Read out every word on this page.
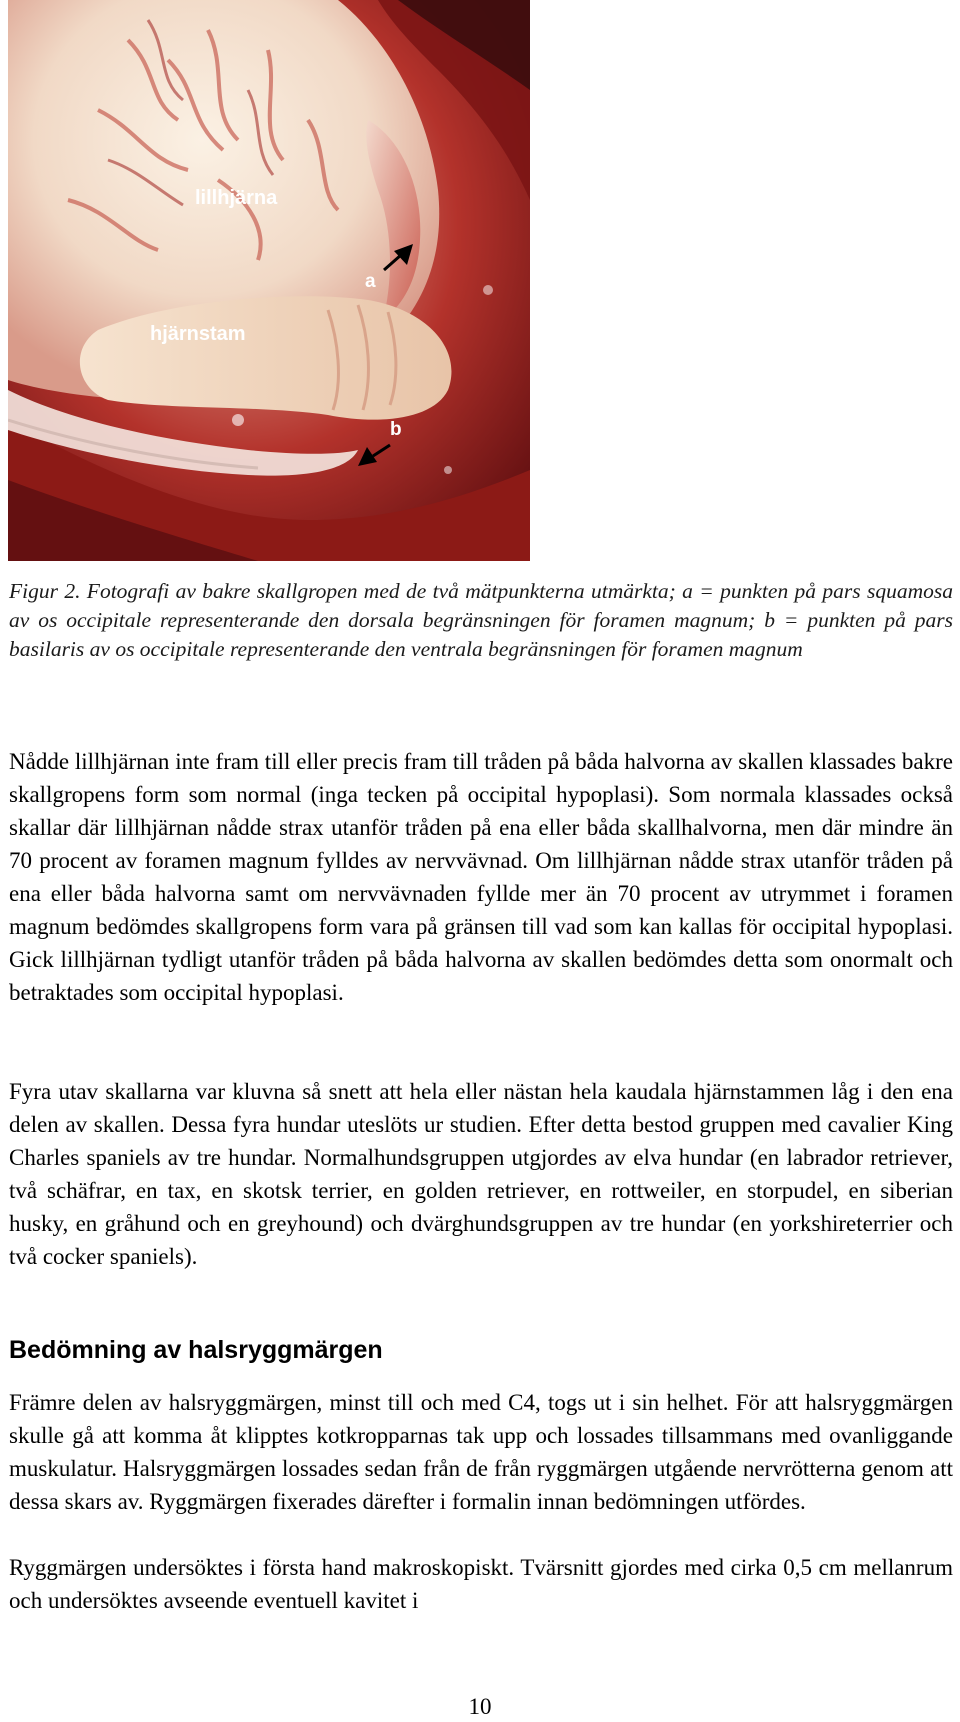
lillhjärna
hjärnstam
a
b

Figur 2. Fotografi av bakre skallgropen med de två mätpunkterna utmärkta; a = punkten på pars squamosa av os occipitale representerande den dorsala begränsningen för foramen magnum; b = punkten på pars basilaris av os occipitale representerande den ventrala begränsningen för foramen magnum

Nådde lillhjärnan inte fram till eller precis fram till tråden på båda halvorna av skallen klassades bakre skallgropens form som normal (inga tecken på occipital hypoplasi). Som normala klassades också skallar där lillhjärnan nådde strax utanför tråden på ena eller båda skallhalvorna, men där mindre än 70 procent av foramen magnum fylldes av nervvävnad. Om lillhjärnan nådde strax utanför tråden på ena eller båda halvorna samt om nervvävnaden fyllde mer än 70 procent av utrymmet i foramen magnum bedömdes skallgropens form vara på gränsen till vad som kan kallas för occipital hypoplasi. Gick lillhjärnan tydligt utanför tråden på båda halvorna av skallen bedömdes detta som onormalt och betraktades som occipital hypoplasi.

Fyra utav skallarna var kluvna så snett att hela eller nästan hela kaudala hjärnstammen låg i den ena delen av skallen. Dessa fyra hundar uteslöts ur studien. Efter detta bestod gruppen med cavalier King Charles spaniels av tre hundar. Normalhundsgruppen utgjordes av elva hundar (en labrador retriever, två schäfrar, en tax, en skotsk terrier, en golden retriever, en rottweiler, en storpudel, en siberian husky, en gråhund och en greyhound) och dvärghundsgruppen av tre hundar (en yorkshireterrier och två cocker spaniels).

Bedömning av halsryggmärgen

Främre delen av halsryggmärgen, minst till och med C4, togs ut i sin helhet. För att halsryggmärgen skulle gå att komma åt klipptes kotkropparnas tak upp och lossades tillsammans med ovanliggande muskulatur. Halsryggmärgen lossades sedan från de från ryggmärgen utgående nervrötterna genom att dessa skars av. Ryggmärgen fixerades därefter i formalin innan bedömningen utfördes.

Ryggmärgen undersöktes i första hand makroskopiskt. Tvärsnitt gjordes med cirka 0,5 cm mellanrum och undersöktes avseende eventuell kavitet i

10
